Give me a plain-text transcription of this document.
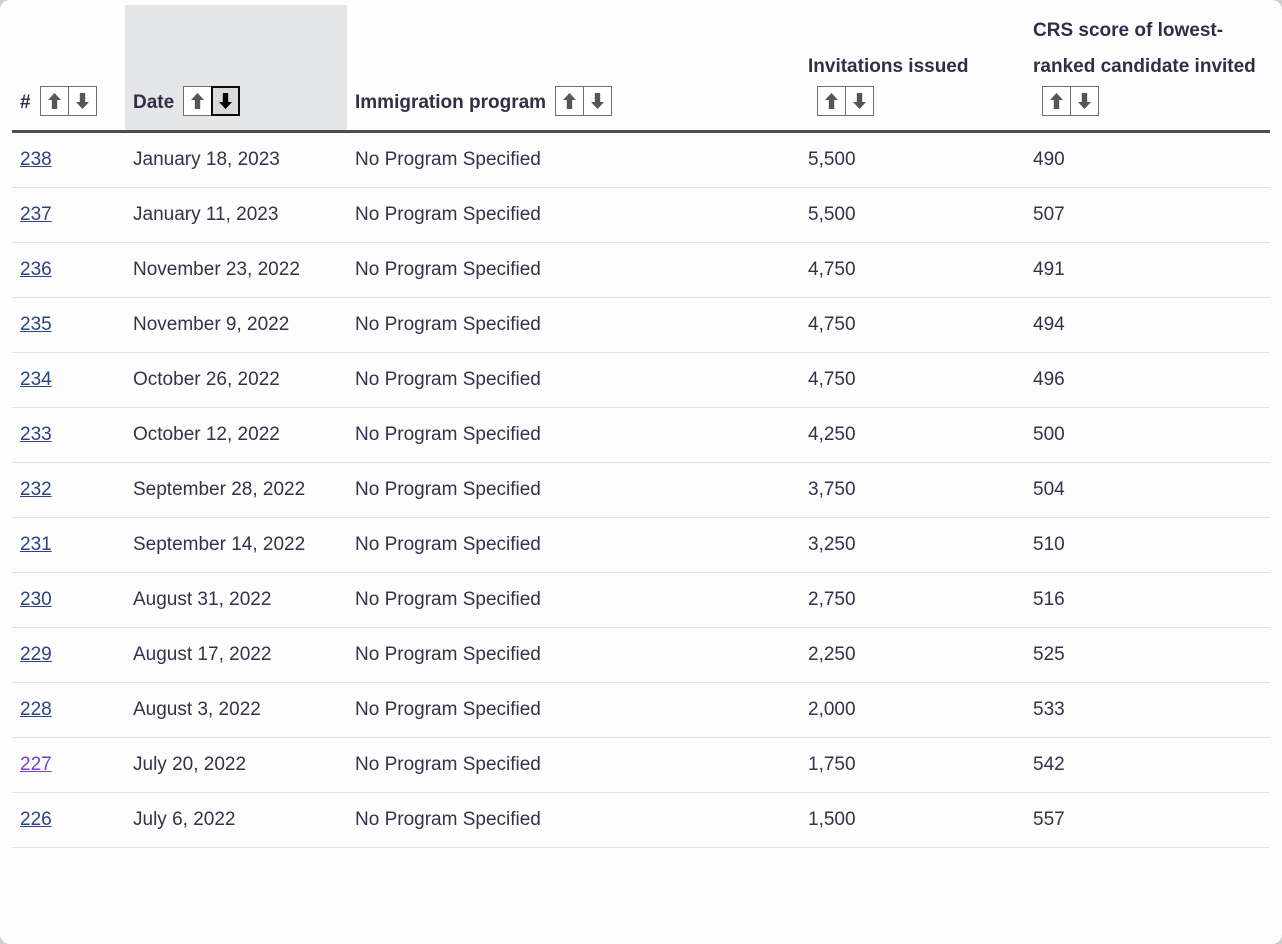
#	Date	Immigration program	Invitations issued	CRS score of lowest-ranked candidate invited

238	January 18, 2023	No Program Specified	5,500	490
237	January 11, 2023	No Program Specified	5,500	507
236	November 23, 2022	No Program Specified	4,750	491
235	November 9, 2022	No Program Specified	4,750	494
234	October 26, 2022	No Program Specified	4,750	496
233	October 12, 2022	No Program Specified	4,250	500
232	September 28, 2022	No Program Specified	3,750	504
231	September 14, 2022	No Program Specified	3,250	510
230	August 31, 2022	No Program Specified	2,750	516
229	August 17, 2022	No Program Specified	2,250	525
228	August 3, 2022	No Program Specified	2,000	533
227	July 20, 2022	No Program Specified	1,750	542
226	July 6, 2022	No Program Specified	1,500	557
